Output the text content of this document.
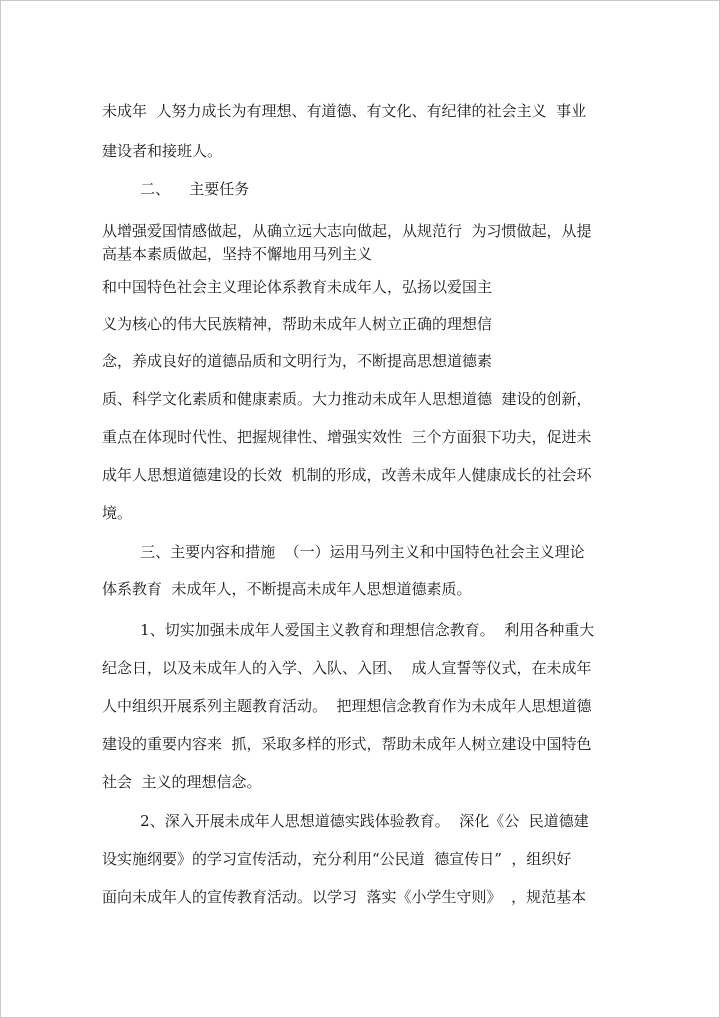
未成年  人努力成长为有理想、有道德、有文化、有纪律的社会主义  事业
建设者和接班人。
二、    主要任务
从增强爱国情感做起，从确立远大志向做起，从规范行  为习惯做起，从提
高基本素质做起，坚持不懈地用马列主义
和中国特色社会主义理论体系教育未成年人，弘扬以爱国主
义为核心的伟大民族精神，帮助未成年人树立正确的理想信
念，养成良好的道德品质和文明行为，不断提高思想道德素
质、科学文化素质和健康素质。大力推动未成年人思想道德  建设的创新，
重点在体现时代性、把握规律性、增强实效性  三个方面狠下功夫，促进未
成年人思想道德建设的长效  机制的形成，改善未成年人健康成长的社会环
境。
三、主要内容和措施  （一）运用马列主义和中国特色社会主义理论
体系教育  未成年人，不断提高未成年人思想道德素质。
1、切实加强未成年人爱国主义教育和理想信念教育。  利用各种重大
纪念日，以及未成年人的入学、入队、入团、  成人宣誓等仪式，在未成年
人中组织开展系列主题教育活动。  把理想信念教育作为未成年人思想道德
建设的重要内容来  抓，采取多样的形式，帮助未成年人树立建设中国特色
社会  主义的理想信念。
2、深入开展未成年人思想道德实践体验教育。  深化《公  民道德建
设实施纲要》的学习宣传活动，充分利用“公民道  德宣传日”  ，组织好
面向未成年人的宣传教育活动。以学习  落实《小学生守则》  ，规范基本
